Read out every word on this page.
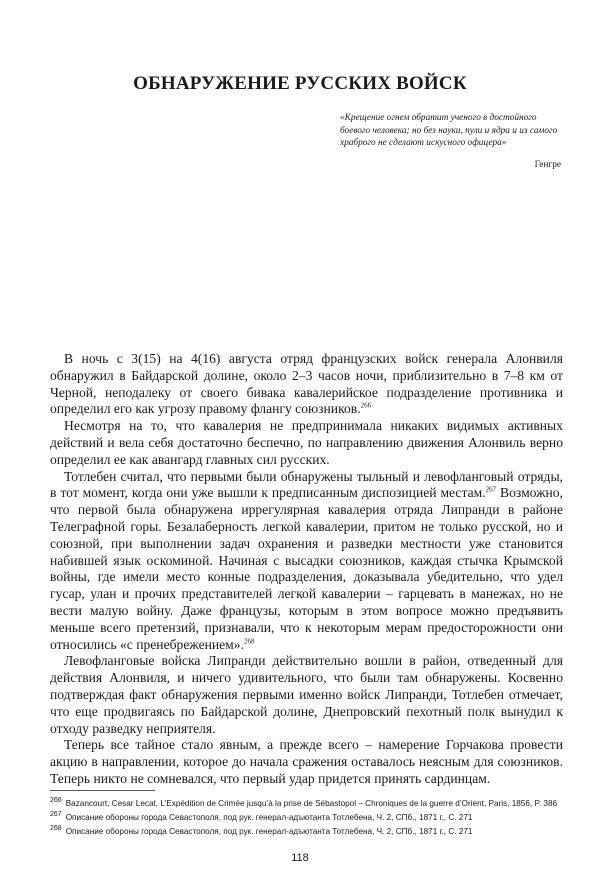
ОБНАРУЖЕНИЕ РУССКИХ ВОЙСК
«Крещение огнем обратит ученого в достойного боевого человека; но без науки, пули и ядра и из самого храброго не сделают искусного офицера»
Генгре

В ночь с 3(15) на 4(16) августа отряд французских войск генерала Алонвиля обнаружил в Байдарской долине, около 2–3 часов ночи, приблизительно в 7–8 км от Черной, неподалеку от своего бивака кавалерийское подразделение противника и определил его как угрозу правому флангу союзников.$^{266}$

Несмотря на то, что кавалерия не предпринимала никаких видимых активных действий и вела себя достаточно беспечно, по направлению движения Алонвиль верно определил ее как авангард главных сил русских.

Тотлебен считал, что первыми были обнаружены тыльный и левофланговый отряды, в тот момент, когда они уже вышли к предписанным диспозицией местам.$^{267}$ Возможно, что первой была обнаружена иррегулярная кавалерия отряда Липранди в районе Телеграфной горы. Безалаберность легкой кавалерии, притом не только русской, но и союзной, при выполнении задач охранения и разведки местности уже становится набившей язык оскоминой. Начиная с высадки союзников, каждая стычка Крымской войны, где имели место конные подразделения, доказывала убедительно, что удел гусар, улан и прочих представителей легкой кавалерии – гарцевать в манежах, но не вести малую войну. Даже французы, которым в этом вопросе можно предъявить меньше всего претензий, признавали, что к некоторым мерам предосторожности они относились «с пренебрежением».$^{268}$

Левофланговые войска Липранди действительно вошли в район, отведенный для действия Алонвиля, и ничего удивительного, что были там обнаружены. Косвенно подтверждая факт обнаружения первыми именно войск Липранди, Тотлебен отмечает, что еще продвигаясь по Байдарской долине, Днепровский пехотный полк вынудил к отходу разведку неприятеля.

Теперь все тайное стало явным, а прежде всего – намерение Горчакова провести акцию в направлении, которое до начала сражения оставалось неясным для союзников. Теперь никто не сомневался, что первый удар придется принять сардинцам.

$^{266}$ Bazancourt, Cesar Lecat, L’Expédition de Crimée jusqu’à la prise de Sébastopol – Chroniques de la guerre d’Orient, Paris, 1856, P. 386
$^{267}$ Описание обороны города Севастополя, под рук. генерал-адъютанта Тотлебена, Ч. 2, СПб., 1871 г., С. 271
$^{268}$ Описание обороны города Севастополя, под рук. генерал-адъютанта Тотлебена, Ч. 2, СПб., 1871 г., С. 271
118
